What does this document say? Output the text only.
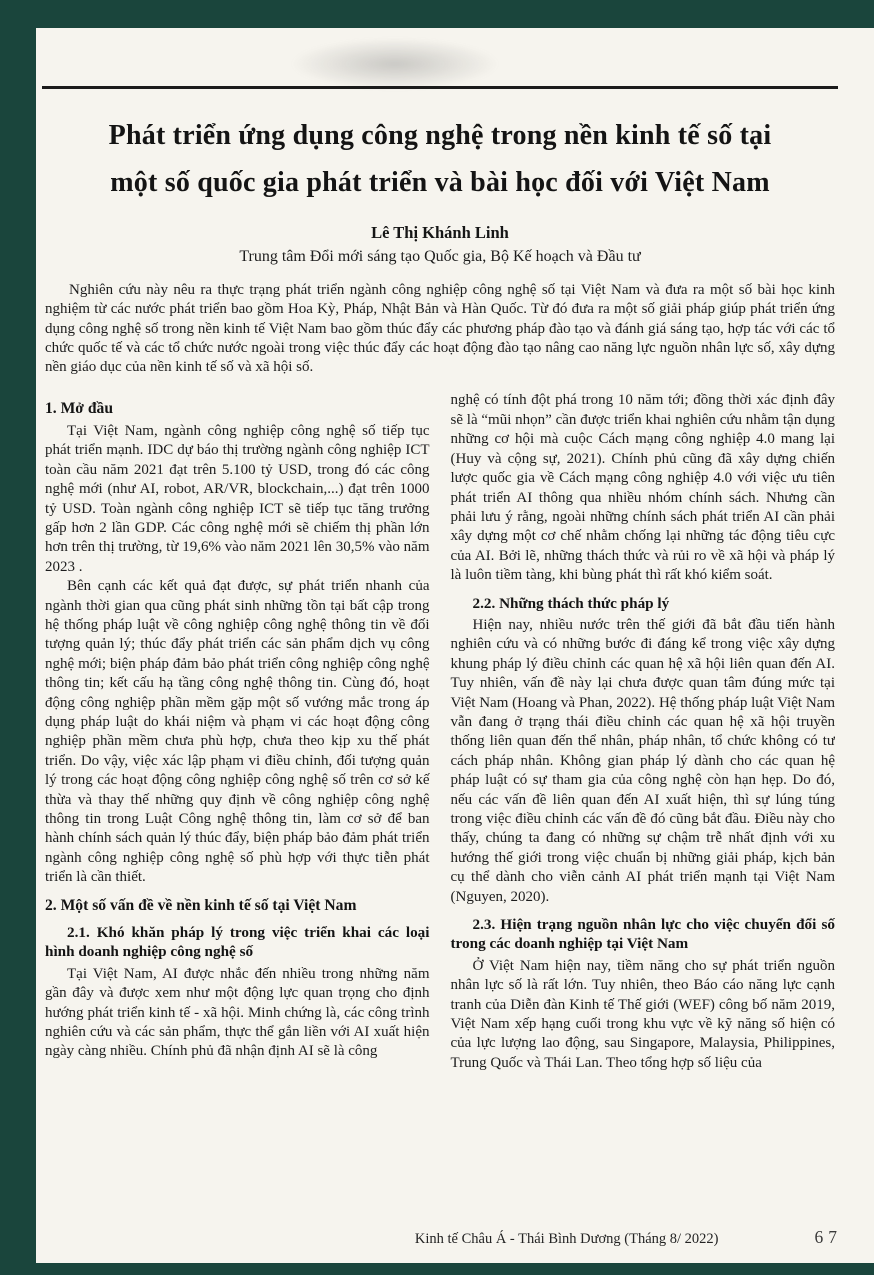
Phát triển ứng dụng công nghệ trong nền kinh tế số tại
một số quốc gia phát triển và bài học đối với Việt Nam
Lê Thị Khánh Linh
Trung tâm Đổi mới sáng tạo Quốc gia, Bộ Kế hoạch và Đầu tư

Nghiên cứu này nêu ra thực trạng phát triển ngành công nghiệp công nghệ số tại Việt Nam và đưa ra một số bài học kinh nghiệm từ các nước phát triển bao gồm Hoa Kỳ, Pháp, Nhật Bản và Hàn Quốc. Từ đó đưa ra một số giải pháp giúp phát triển ứng dụng công nghệ số trong nền kinh tế Việt Nam bao gồm thúc đẩy các phương pháp đào tạo và đánh giá sáng tạo, hợp tác với các tổ chức quốc tế và các tổ chức nước ngoài trong việc thúc đẩy các hoạt động đào tạo nâng cao năng lực nguồn nhân lực số, xây dựng nền giáo dục của nền kinh tế số và xã hội số.

1. Mở đầu

Tại Việt Nam, ngành công nghiệp công nghệ số tiếp tục phát triển mạnh. IDC dự báo thị trường ngành công nghiệp ICT toàn cầu năm 2021 đạt trên 5.100 tỷ USD, trong đó các công nghệ mới (như AI, robot, AR/VR, blockchain,...) đạt trên 1000 tỷ USD. Toàn ngành công nghiệp ICT sẽ tiếp tục tăng trưởng gấp hơn 2 lần GDP. Các công nghệ mới sẽ chiếm thị phần lớn hơn trên thị trường, từ 19,6% vào năm 2021 lên 30,5% vào năm 2023 .

Bên cạnh các kết quả đạt được, sự phát triển nhanh của ngành thời gian qua cũng phát sinh những tồn tại bất cập trong hệ thống pháp luật về công nghiệp công nghệ thông tin về đối tượng quản lý; thúc đẩy phát triển các sản phẩm dịch vụ công nghệ mới; biện pháp đảm bảo phát triển công nghiệp công nghệ thông tin; kết cấu hạ tầng công nghệ thông tin. Cùng đó, hoạt động công nghiệp phần mềm gặp một số vướng mắc trong áp dụng pháp luật do khái niệm và phạm vi các hoạt động công nghiệp phần mềm chưa phù hợp, chưa theo kịp xu thế phát triển. Do vậy, việc xác lập phạm vi điều chỉnh, đối tượng quản lý trong các hoạt động công nghiệp công nghệ số trên cơ sở kế thừa và thay thế những quy định về công nghiệp công nghệ thông tin trong Luật Công nghệ thông tin, làm cơ sở để ban hành chính sách quản lý thúc đẩy, biện pháp bảo đảm phát triển ngành công nghiệp công nghệ số phù hợp với thực tiễn phát triển là cần thiết.

2. Một số vấn đề về nền kinh tế số tại Việt Nam
2.1. Khó khăn pháp lý trong việc triển khai các loại hình doanh nghiệp công nghệ số

Tại Việt Nam, AI được nhắc đến nhiều trong những năm gần đây và được xem như một động lực quan trọng cho định hướng phát triển kinh tế - xã hội. Minh chứng là, các công trình nghiên cứu và các sản phẩm, thực thể gắn liền với AI xuất hiện ngày càng nhiều. Chính phủ đã nhận định AI sẽ là công

nghệ có tính đột phá trong 10 năm tới; đồng thời xác định đây sẽ là “mũi nhọn” cần được triển khai nghiên cứu nhằm tận dụng những cơ hội mà cuộc Cách mạng công nghiệp 4.0 mang lại (Huy và cộng sự, 2021). Chính phủ cũng đã xây dựng chiến lược quốc gia về Cách mạng công nghiệp 4.0 với việc ưu tiên phát triển AI thông qua nhiều nhóm chính sách. Nhưng cần phải lưu ý rằng, ngoài những chính sách phát triển AI cần phải xây dựng một cơ chế nhằm chống lại những tác động tiêu cực của AI. Bởi lẽ, những thách thức và rủi ro về xã hội và pháp lý là luôn tiềm tàng, khi bùng phát thì rất khó kiểm soát.

2.2. Những thách thức pháp lý

Hiện nay, nhiều nước trên thế giới đã bắt đầu tiến hành nghiên cứu và có những bước đi đáng kể trong việc xây dựng khung pháp lý điều chỉnh các quan hệ xã hội liên quan đến AI. Tuy nhiên, vấn đề này lại chưa được quan tâm đúng mức tại Việt Nam (Hoang và Phan, 2022). Hệ thống pháp luật Việt Nam vẫn đang ở trạng thái điều chỉnh các quan hệ xã hội truyền thống liên quan đến thể nhân, pháp nhân, tổ chức không có tư cách pháp nhân. Không gian pháp lý dành cho các quan hệ pháp luật có sự tham gia của công nghệ còn hạn hẹp. Do đó, nếu các vấn đề liên quan đến AI xuất hiện, thì sự lúng túng trong việc điều chỉnh các vấn đề đó cũng bắt đầu. Điều này cho thấy, chúng ta đang có những sự chậm trễ nhất định với xu hướng thế giới trong việc chuẩn bị những giải pháp, kịch bản cụ thể dành cho viễn cảnh AI phát triển mạnh tại Việt Nam (Nguyen, 2020).

2.3. Hiện trạng nguồn nhân lực cho việc chuyển đổi số trong các doanh nghiệp tại Việt Nam

Ở Việt Nam hiện nay, tiềm năng cho sự phát triển nguồn nhân lực số là rất lớn. Tuy nhiên, theo Báo cáo năng lực cạnh tranh của Diễn đàn Kinh tế Thế giới (WEF) công bố năm 2019, Việt Nam xếp hạng cuối trong khu vực về kỹ năng số hiện có của lực lượng lao động, sau Singapore, Malaysia, Philippines, Trung Quốc và Thái Lan. Theo tổng hợp số liệu của

Kinh tế Châu Á - Thái Bình Dương (Tháng 8/ 2022)	67
